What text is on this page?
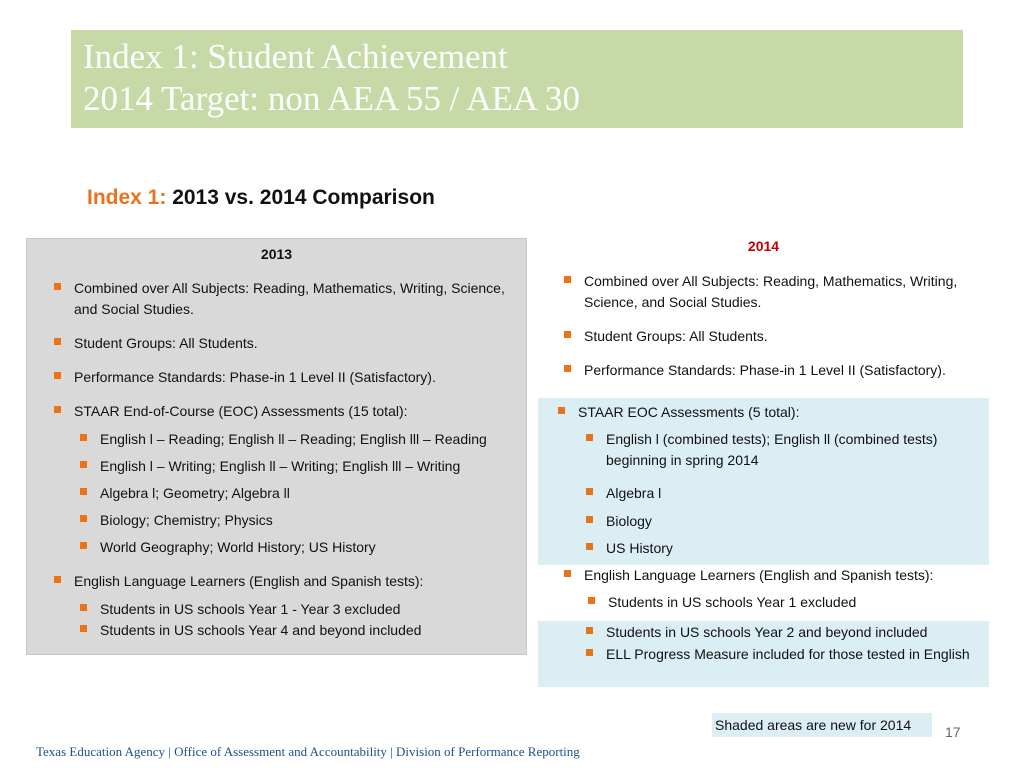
Index 1: Student Achievement
2014 Target: non AEA 55 / AEA 30
Index 1: 2013 vs. 2014 Comparison
2013
Combined over All Subjects: Reading, Mathematics, Writing, Science, and Social Studies.
Student Groups: All Students.
Performance Standards: Phase-in 1 Level II (Satisfactory).
STAAR End-of-Course (EOC) Assessments (15 total):
English l – Reading; English ll – Reading; English lll – Reading
English l – Writing; English ll – Writing; English lll – Writing
Algebra l; Geometry; Algebra ll
Biology; Chemistry; Physics
World Geography; World History; US History
English Language Learners (English and Spanish tests):
Students in US schools Year 1 - Year 3 excluded
Students in US schools Year 4 and beyond included
2014
Combined over All Subjects: Reading, Mathematics, Writing, Science, and Social Studies.
Student Groups: All Students.
Performance Standards: Phase-in 1 Level II (Satisfactory).
STAAR EOC Assessments (5 total):
English l (combined tests); English ll (combined tests) beginning in spring 2014
Algebra l
Biology
US History
English Language Learners (English and Spanish tests):
Students in US schools Year 1 excluded
Students in US schools Year 2 and beyond included
ELL Progress Measure included for those tested in English
Shaded areas are new for 2014	17
Texas Education Agency | Office of Assessment and Accountability | Division of Performance Reporting
